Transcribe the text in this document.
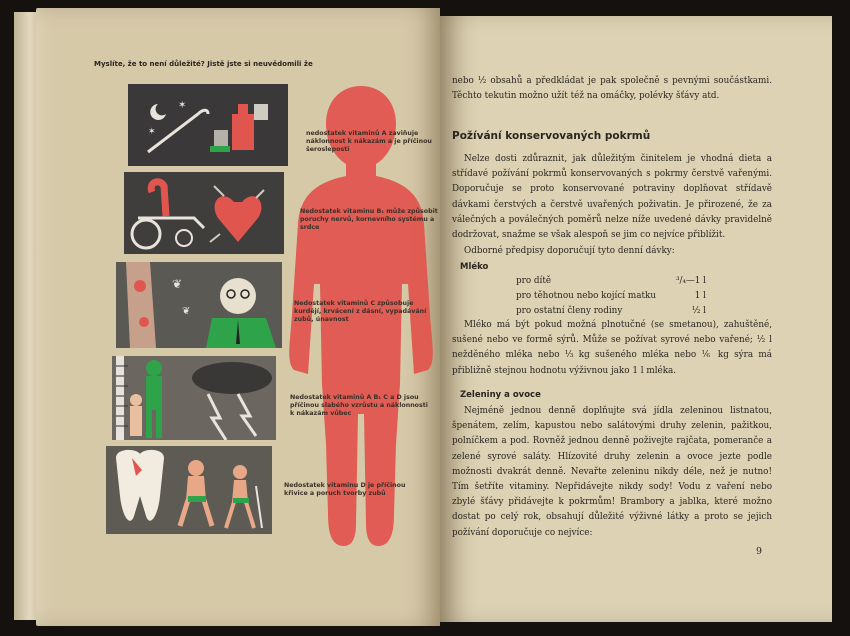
Myslíte, že to není důležité? Jistě jste si neuvědomili že
✶
✶	nedostatek vitaminů A zaviňuje náklonnost k nákazám a je příčinou šerosleposti
Nedostatek vitaminu B₁ může způsobit poruchy nervů, kornevního systému a srdce
❦
❦
Nedostatek vitaminů C způsobuje kurdějí, krvácení z dásní, vypadávání zubů, únavnost
Nedostatek vitaminů A B₁ C a D jsou příčinou slabého vzrůstu a náklonnosti k nákazám vůbec
Nedostatek vitaminu D je příčinou křivice a poruch tvorby zubů
nebo ½ obsahů a předkládat je pak společně s pevnými součástkami. Těchto tekutin možno užít též na omáčky, polévky šťávy atd.
Požívání konservovaných pokrmů
Nelze dosti zdůraznit, jak důležitým činitelem je vhodná dieta a střídavé požívání pokrmů konservovaných s pokrmy čerstvě vařenými. Doporučuje se proto konservované potraviny doplňovat střídavě dávkami čerstvých a čerstvě uvařených poživatin. Je přirozené, že za válečných a poválečných poměrů nelze níže uvedené dávky pravidelně dodržovat, snažme se však alespoň se jim co nejvíce přiblížit.
Odborné předpisy doporučují tyto denní dávky:
Mléko
pro dítě	³/₄—1 l
pro těhotnou nebo kojící matku	1 l
pro ostatní členy rodiny	½ l
Mléko má být pokud možná plnotučné (se smetanou), zahuštěné, sušené nebo ve formě sýrů. Může se požívat syrové nebo vařené; ½ l nežděného mléka nebo ⅓ kg sušeného mléka nebo ⅙ kg sýra má přibližně stejnou hodnotu výživnou jako 1 l mléka.
Zeleniny a ovoce
Nejméně jednou denně doplňujte svá jídla zeleninou listnatou, špenátem, zelím, kapustou nebo salátovými druhy zelenin, pažitkou, polníčkem a pod. Rovněž jednou denně poživejte rajčata, pomeranče a zelené syrové saláty. Hlízovité druhy zelenin a ovoce jezte podle možnosti dvakrát denně. Nevařte zeleninu nikdy déle, než je nutno! Tím šetříte vitaminy. Nepřidávejte nikdy sody! Vodu z vaření nebo zbylé šťávy přidávejte k pokrmům! Brambory a jablka, které možno dostat po celý rok, obsahují důležité výživné látky a proto se jejich požívání doporučuje co nejvíce:
9
